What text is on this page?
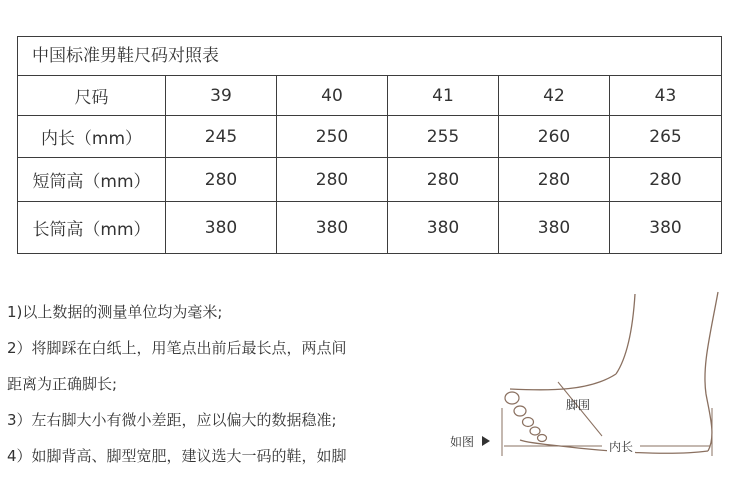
中国标准男鞋尺码对照表
尺码	39	40	41	42	43
内长（mm）	245	250	255	260	265
短筒高（mm）	280	280	280	280	280
长筒高（mm）	380	380	380	380	380
1)以上数据的测量单位均为毫米;
2）将脚踩在白纸上，用笔点出前后最长点，两点间
距离为正确脚长;
3）左右脚大小有微小差距，应以偏大的数据稳准;
4）如脚背高、脚型宽肥，建议选大一码的鞋，如脚
如图
脚围
内长
